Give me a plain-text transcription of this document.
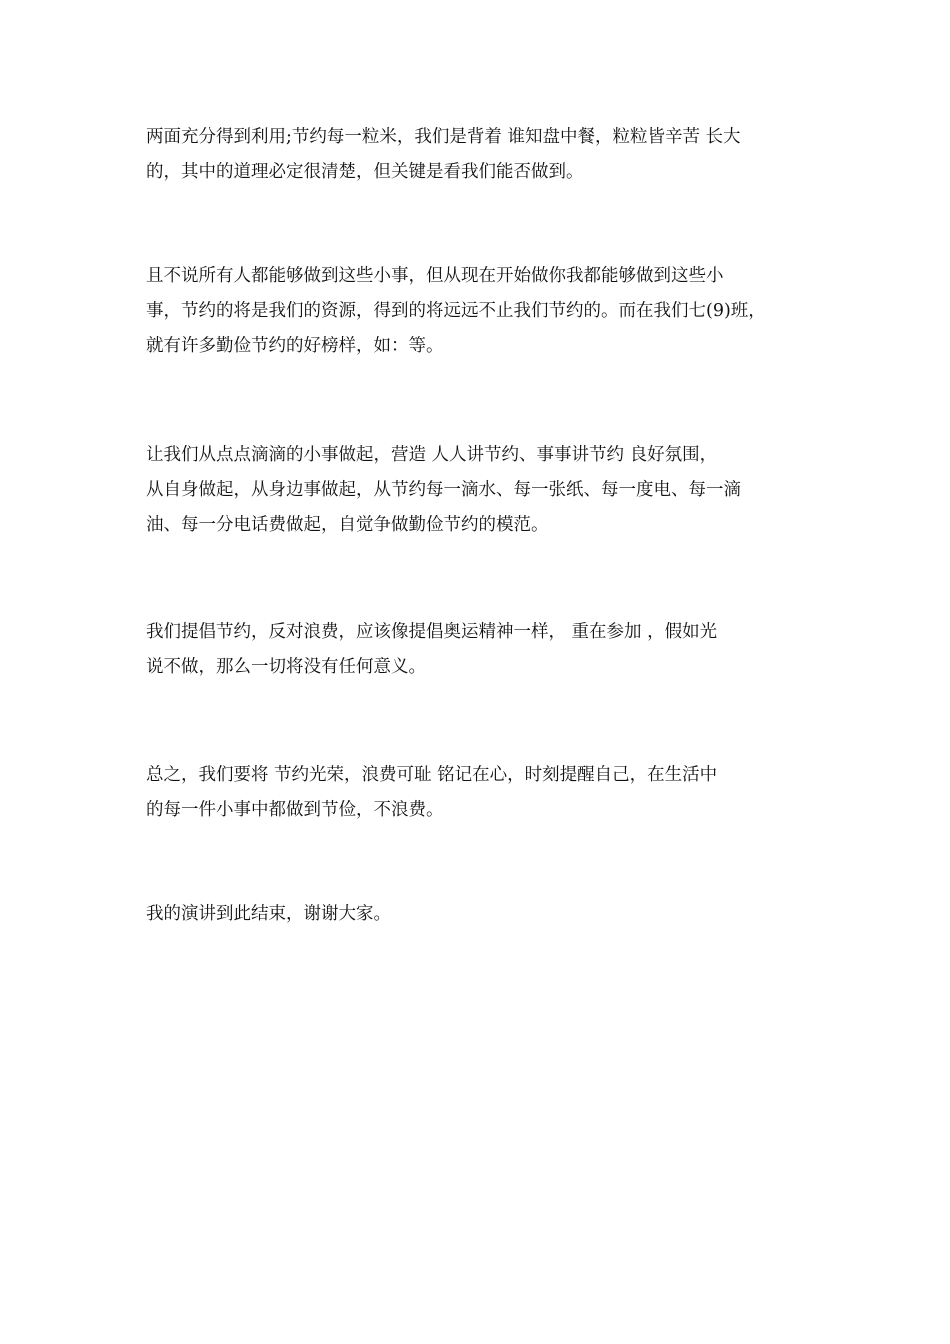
两面充分得到利用;节约每一粒米，我们是背着 谁知盘中餐，粒粒皆辛苦 长大
的，其中的道理必定很清楚，但关键是看我们能否做到。
且不说所有人都能够做到这些小事，但从现在开始做你我都能够做到这些小
事，节约的将是我们的资源，得到的将远远不止我们节约的。而在我们七(9)班，
就有许多勤俭节约的好榜样，如：等。
让我们从点点滴滴的小事做起，营造 人人讲节约、事事讲节约 良好氛围，
从自身做起，从身边事做起，从节约每一滴水、每一张纸、每一度电、每一滴
油、每一分电话费做起，自觉争做勤俭节约的模范。
我们提倡节约，反对浪费，应该像提倡奥运精神一样， 重在参加 ，假如光
说不做，那么一切将没有任何意义。
总之，我们要将 节约光荣，浪费可耻 铭记在心，时刻提醒自己，在生活中
的每一件小事中都做到节俭，不浪费。
我的演讲到此结束，谢谢大家。
